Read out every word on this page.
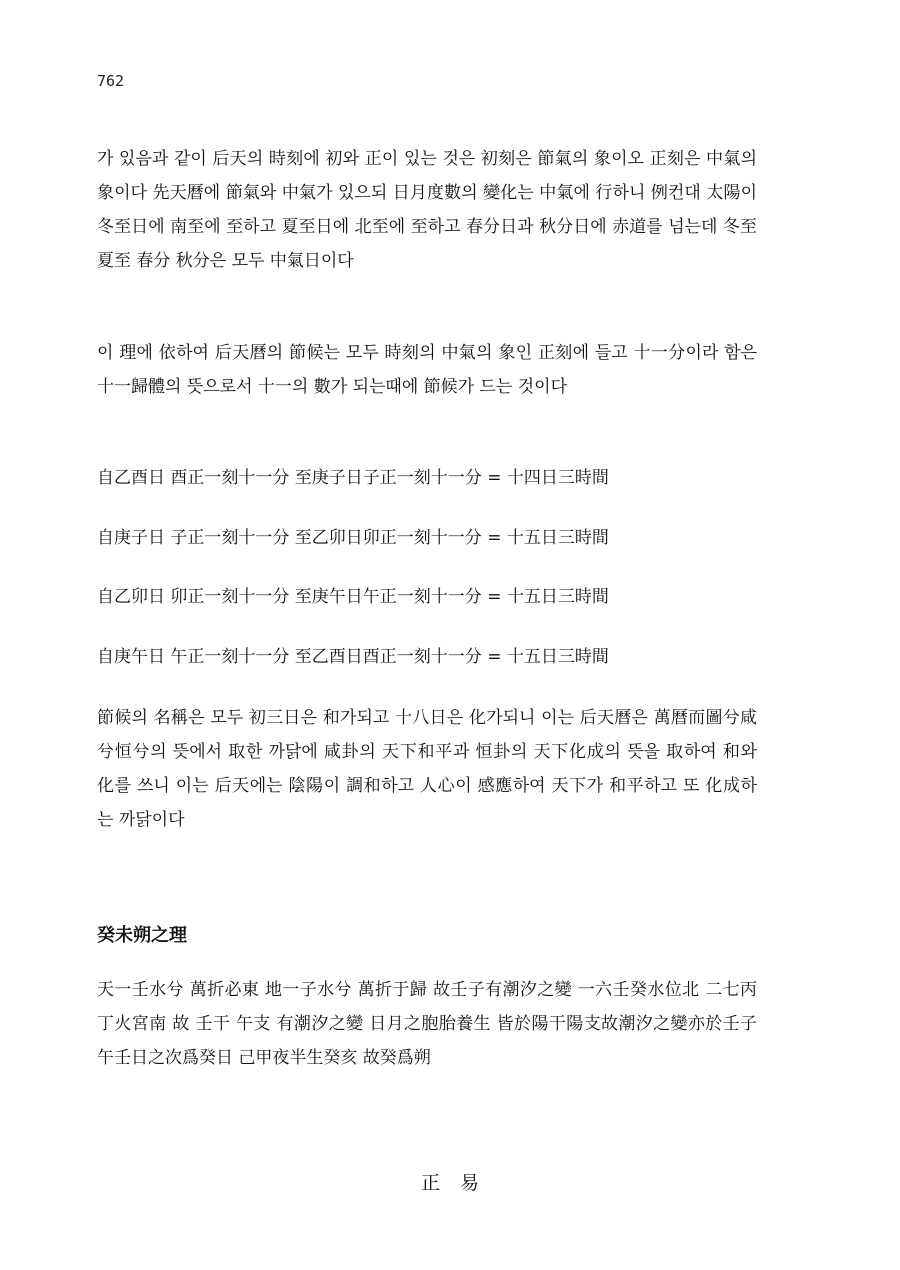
762

가 있음과 같이 后天의 時刻에 初와 正이 있는 것은 初刻은 節氣의 象이오 正刻은 中氣의 象이다 先天曆에 節氣와 中氣가 있으되 日月度數의 變化는 中氣에 行하니 例컨대 太陽이 冬至日에 南至에 至하고 夏至日에 北至에 至하고 春分日과 秋分日에 赤道를 넘는데 冬至 夏至 春分 秋分은 모두 中氣日이다

이 理에 依하여 后天曆의 節候는 모두 時刻의 中氣의 象인 正刻에 들고 十一分이라 함은 十一歸體의 뜻으로서 十一의 數가 되는때에 節候가 드는 것이다

自乙酉日 酉正一刻十一分 至庚子日子正一刻十一分 = 十四日三時間
自庚子日 子正一刻十一分 至乙卯日卯正一刻十一分 = 十五日三時間
自乙卯日 卯正一刻十一分 至庚午日午正一刻十一分 = 十五日三時間
自庚午日 午正一刻十一分 至乙酉日酉正一刻十一分 = 十五日三時間

節候의 名稱은 모두 初三日은 和가되고 十八日은 化가되니 이는 后天曆은 萬曆而圖兮咸兮恒兮의 뜻에서 取한 까닭에 咸卦의 天下和平과 恒卦의 天下化成의 뜻을 取하여 和와 化를 쓰니 이는 后天에는 陰陽이 調和하고 人心이 感應하여 天下가 和平하고 또 化成하는 까닭이다

癸未朔之理

天一壬水兮 萬折必東 地一子水兮 萬折于歸 故壬子有潮汐之變 一六壬癸水位北 二七丙丁火宮南 故 壬干 午支 有潮汐之變 日月之胞胎養生 皆於陽干陽支故潮汐之變亦於壬子午壬日之次爲癸日 己甲夜半生癸亥 故癸爲朔

正易
